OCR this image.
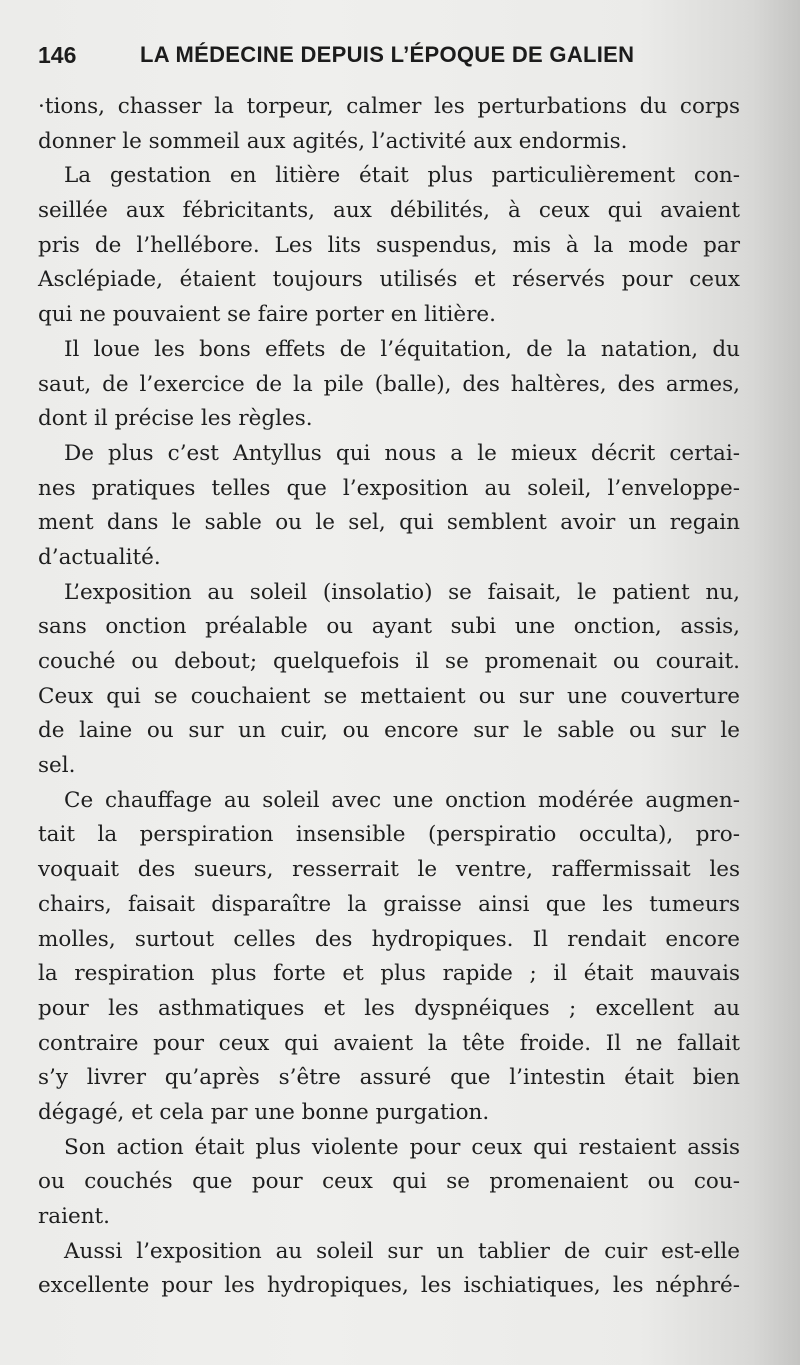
146	LA MÉDECINE DEPUIS L’ÉPOQUE DE GALIEN
·tions, chasser la torpeur, calmer les perturbations du corps
donner le sommeil aux agités, l’activité aux endormis.
La gestation en litière était plus particulièrement con-
seillée aux fébricitants, aux débilités, à ceux qui avaient
pris de l’hellébore. Les lits suspendus, mis à la mode par
Asclépiade, étaient toujours utilisés et réservés pour ceux
qui ne pouvaient se faire porter en litière.
Il loue les bons effets de l’équitation, de la natation, du
saut, de l’exercice de la pile (balle), des haltères, des armes,
dont il précise les règles.
De plus c’est Antyllus qui nous a le mieux décrit certai-
nes pratiques telles que l’exposition au soleil, l’enveloppe-
ment dans le sable ou le sel, qui semblent avoir un regain
d’actualité.
L’exposition au soleil (insolatio) se faisait, le patient nu,
sans onction préalable ou ayant subi une onction, assis,
couché ou debout; quelquefois il se promenait ou courait.
Ceux qui se couchaient se mettaient ou sur une couverture
de laine ou sur un cuir, ou encore sur le sable ou sur le
sel.
Ce chauffage au soleil avec une onction modérée augmen-
tait la perspiration insensible (perspiratio occulta), pro-
voquait des sueurs, resserrait le ventre, raffermissait les
chairs, faisait disparaître la graisse ainsi que les tumeurs
molles, surtout celles des hydropiques. Il rendait encore
la respiration plus forte et plus rapide ; il était mauvais
pour les asthmatiques et les dyspnéiques ; excellent au
contraire pour ceux qui avaient la tête froide. Il ne fallait
s’y livrer qu’après s’être assuré que l’intestin était bien
dégagé, et cela par une bonne purgation.
Son action était plus violente pour ceux qui restaient assis
ou couchés que pour ceux qui se promenaient ou cou-
raient.
Aussi l’exposition au soleil sur un tablier de cuir est-elle
excellente pour les hydropiques, les ischiatiques, les néphré-
